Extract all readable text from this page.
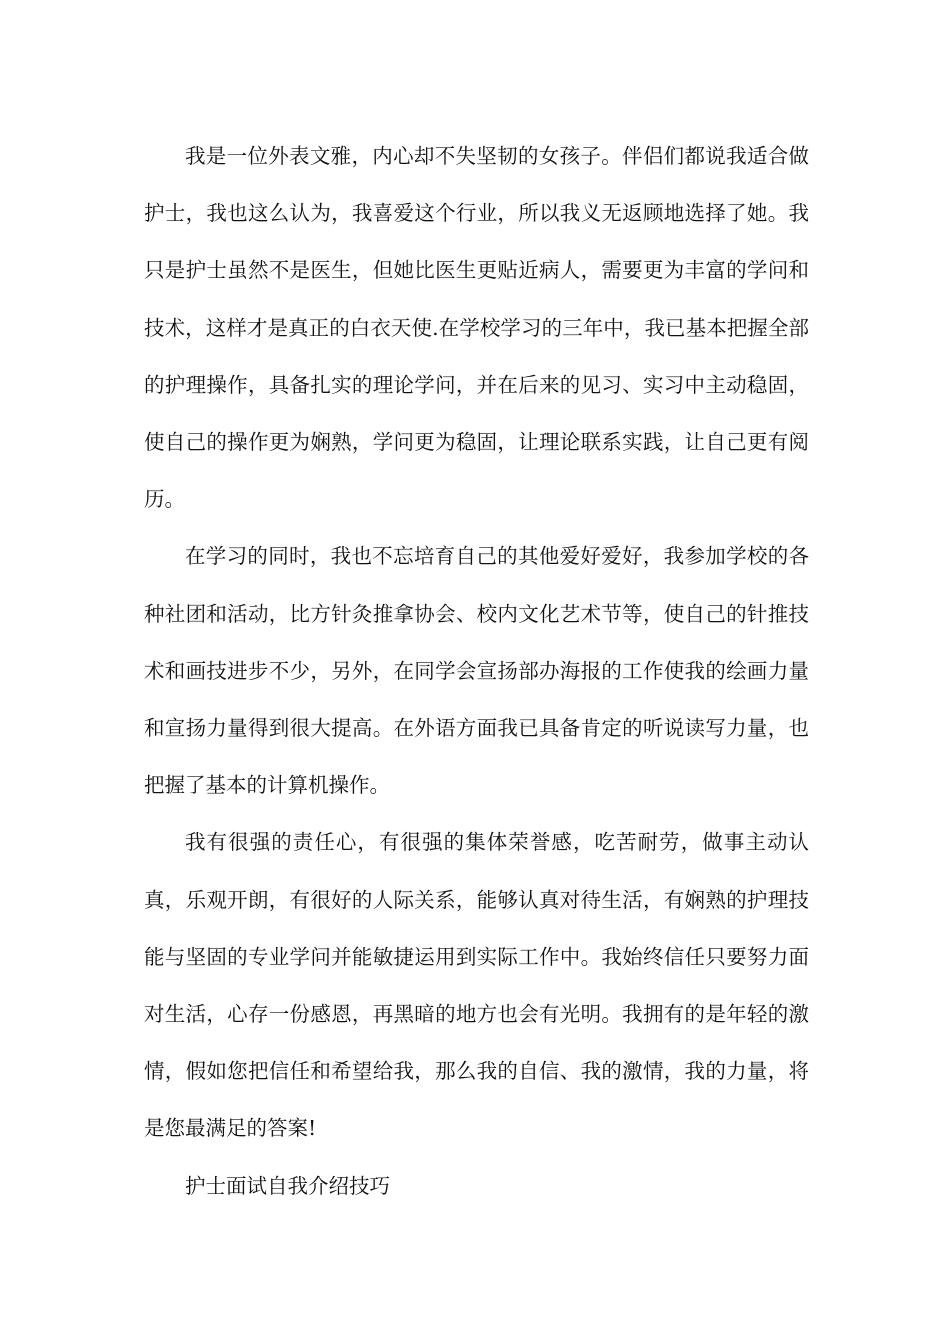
我是一位外表文雅，内心却不失坚韧的女孩子。伴侣们都说我适合做护士，我也这么认为，我喜爱这个行业，所以我义无返顾地选择了她。我只是护士虽然不是医生，但她比医生更贴近病人，需要更为丰富的学问和技术，这样才是真正的白衣天使.在学校学习的三年中，我已基本把握全部的护理操作，具备扎实的理论学问，并在后来的见习、实习中主动稳固，使自己的操作更为娴熟，学问更为稳固，让理论联系实践，让自己更有阅历。

在学习的同时，我也不忘培育自己的其他爱好爱好，我参加学校的各种社团和活动，比方针灸推拿协会、校内文化艺术节等，使自己的针推技术和画技进步不少，另外，在同学会宣扬部办海报的工作使我的绘画力量和宣扬力量得到很大提高。在外语方面我已具备肯定的听说读写力量，也把握了基本的计算机操作。

我有很强的责任心，有很强的集体荣誉感，吃苦耐劳，做事主动认真，乐观开朗，有很好的人际关系，能够认真对待生活，有娴熟的护理技能与坚固的专业学问并能敏捷运用到实际工作中。我始终信任只要努力面对生活，心存一份感恩，再黑暗的地方也会有光明。我拥有的是年轻的激情，假如您把信任和希望给我，那么我的自信、我的激情，我的力量，将是您最满足的答案!

护士面试自我介绍技巧
